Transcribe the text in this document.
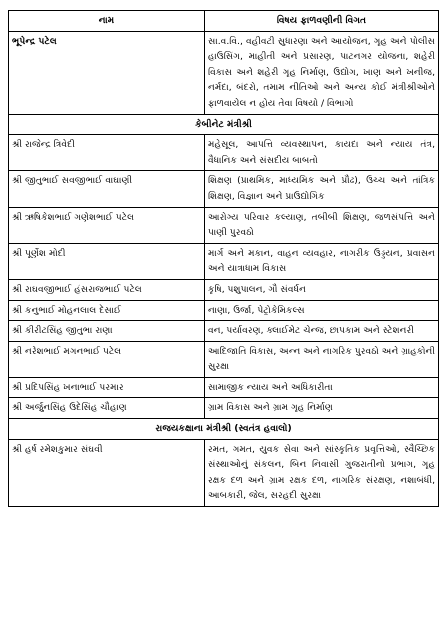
નામ	વિષય ફાળવણીની વિગત
ભૂપેન્દ્ર પટેલ	સા.વ.વિ., વહીવટી સુધારણા અને આયોજન, ગૃહ અને પોલીસ હાઉસિંગ, માહીતી અને પ્રસારણ, પાટનગર યોજના, શહેરી વિકાસ અને શહેરી ગૃહ નિર્માણ, ઉદ્યોગ, ખાણ અને ખનીજ, નર્મદા, બંદરો, તમામ નીતિઓ અને અન્ય કોઈ મંત્રીશ્રીઓને ફાળવાયેલ ન હોય તેવા વિષયો / વિભાગો
કેબીનેટ મંત્રીશ્રી	
શ્રી રાજેન્દ્ર ત્રિવેદી	મહેસૂલ, આપત્તિ વ્યવસ્થાપન, કાયદા અને ન્યાય તંત્ર, વૈધાનિક અને સંસદીય બાબતો
શ્રી જીતુભાઈ સવજીભાઈ વાઘાણી	શિક્ષણ (પ્રાથમિક, માધ્યમિક અને પ્રૌઢ), ઉચ્ચ અને તાંત્રિક શિક્ષણ, વિજ્ઞાન અને પ્રાઉદ્યોગિક
શ્રી ઋષિકેશભાઈ ગણેશભાઈ પટેલ	આરોગ્ય પરિવાર કલ્યાણ, તબીબી શિક્ષણ, જળસંપત્તિ અને પાણી પુરવઠો
શ્રી પૂર્ણેશ મોદી	માર્ગ અને મકાન, વાહન વ્યવહાર, નાગરીક ઉડ્ડયન, પ્રવાસન અને યાત્રાધામ વિકાસ
શ્રી રાઘવજીભાઈ હંસરાજભાઈ પટેલ	કૃષિ, પશુપાલન, ગૌ સંવર્ધન
શ્રી કનુભાઈ મોહનલાલ દેસાઈ	નાણા, ઉર્જા, પેટ્રોકેમિકલ્સ
શ્રી કીરીટસિંહ જીતુભા રાણા	વન, પર્યાવરણ, ક્લાઈમેટ ચેન્જ, છાપકામ અને સ્ટેશનરી
શ્રી નરેશભાઈ મગનભાઈ પટેલ	આદિજાતિ વિકાસ, અન્ન અને નાગરિક પુરવઠો અને ગ્રાહકોની સુરક્ષા
શ્રી પ્રદિપસિંહ ખનાભાઈ પરમાર	સામાજીક ન્યાય અને અધિકારીતા
શ્રી અર્જુનસિંહ ઉદેસિંહ ચૌહાણ	ગ્રામ વિકાસ અને ગ્રામ ગૃહ નિર્માણ
રાજયકક્ષાના મંત્રીશ્રી (સ્વતંત્ર હવાલો)	
શ્રી હર્ષ રમેશકુમાર સંઘવી	રમત, ગમત, યુવક સેવા અને સાંસ્કૃતિક પ્રવૃત્તિઓ, સ્વૈચ્છિક સંસ્થાઓનું સંકલન, બિન નિવાસી ગુજરાતીનો પ્રભાગ, ગૃહ રક્ષક દળ અને ગ્રામ રક્ષક દળ, નાગરિક સંરક્ષણ, નશાબંધી, આબકારી, જેલ, સરહદી સુરક્ષા
